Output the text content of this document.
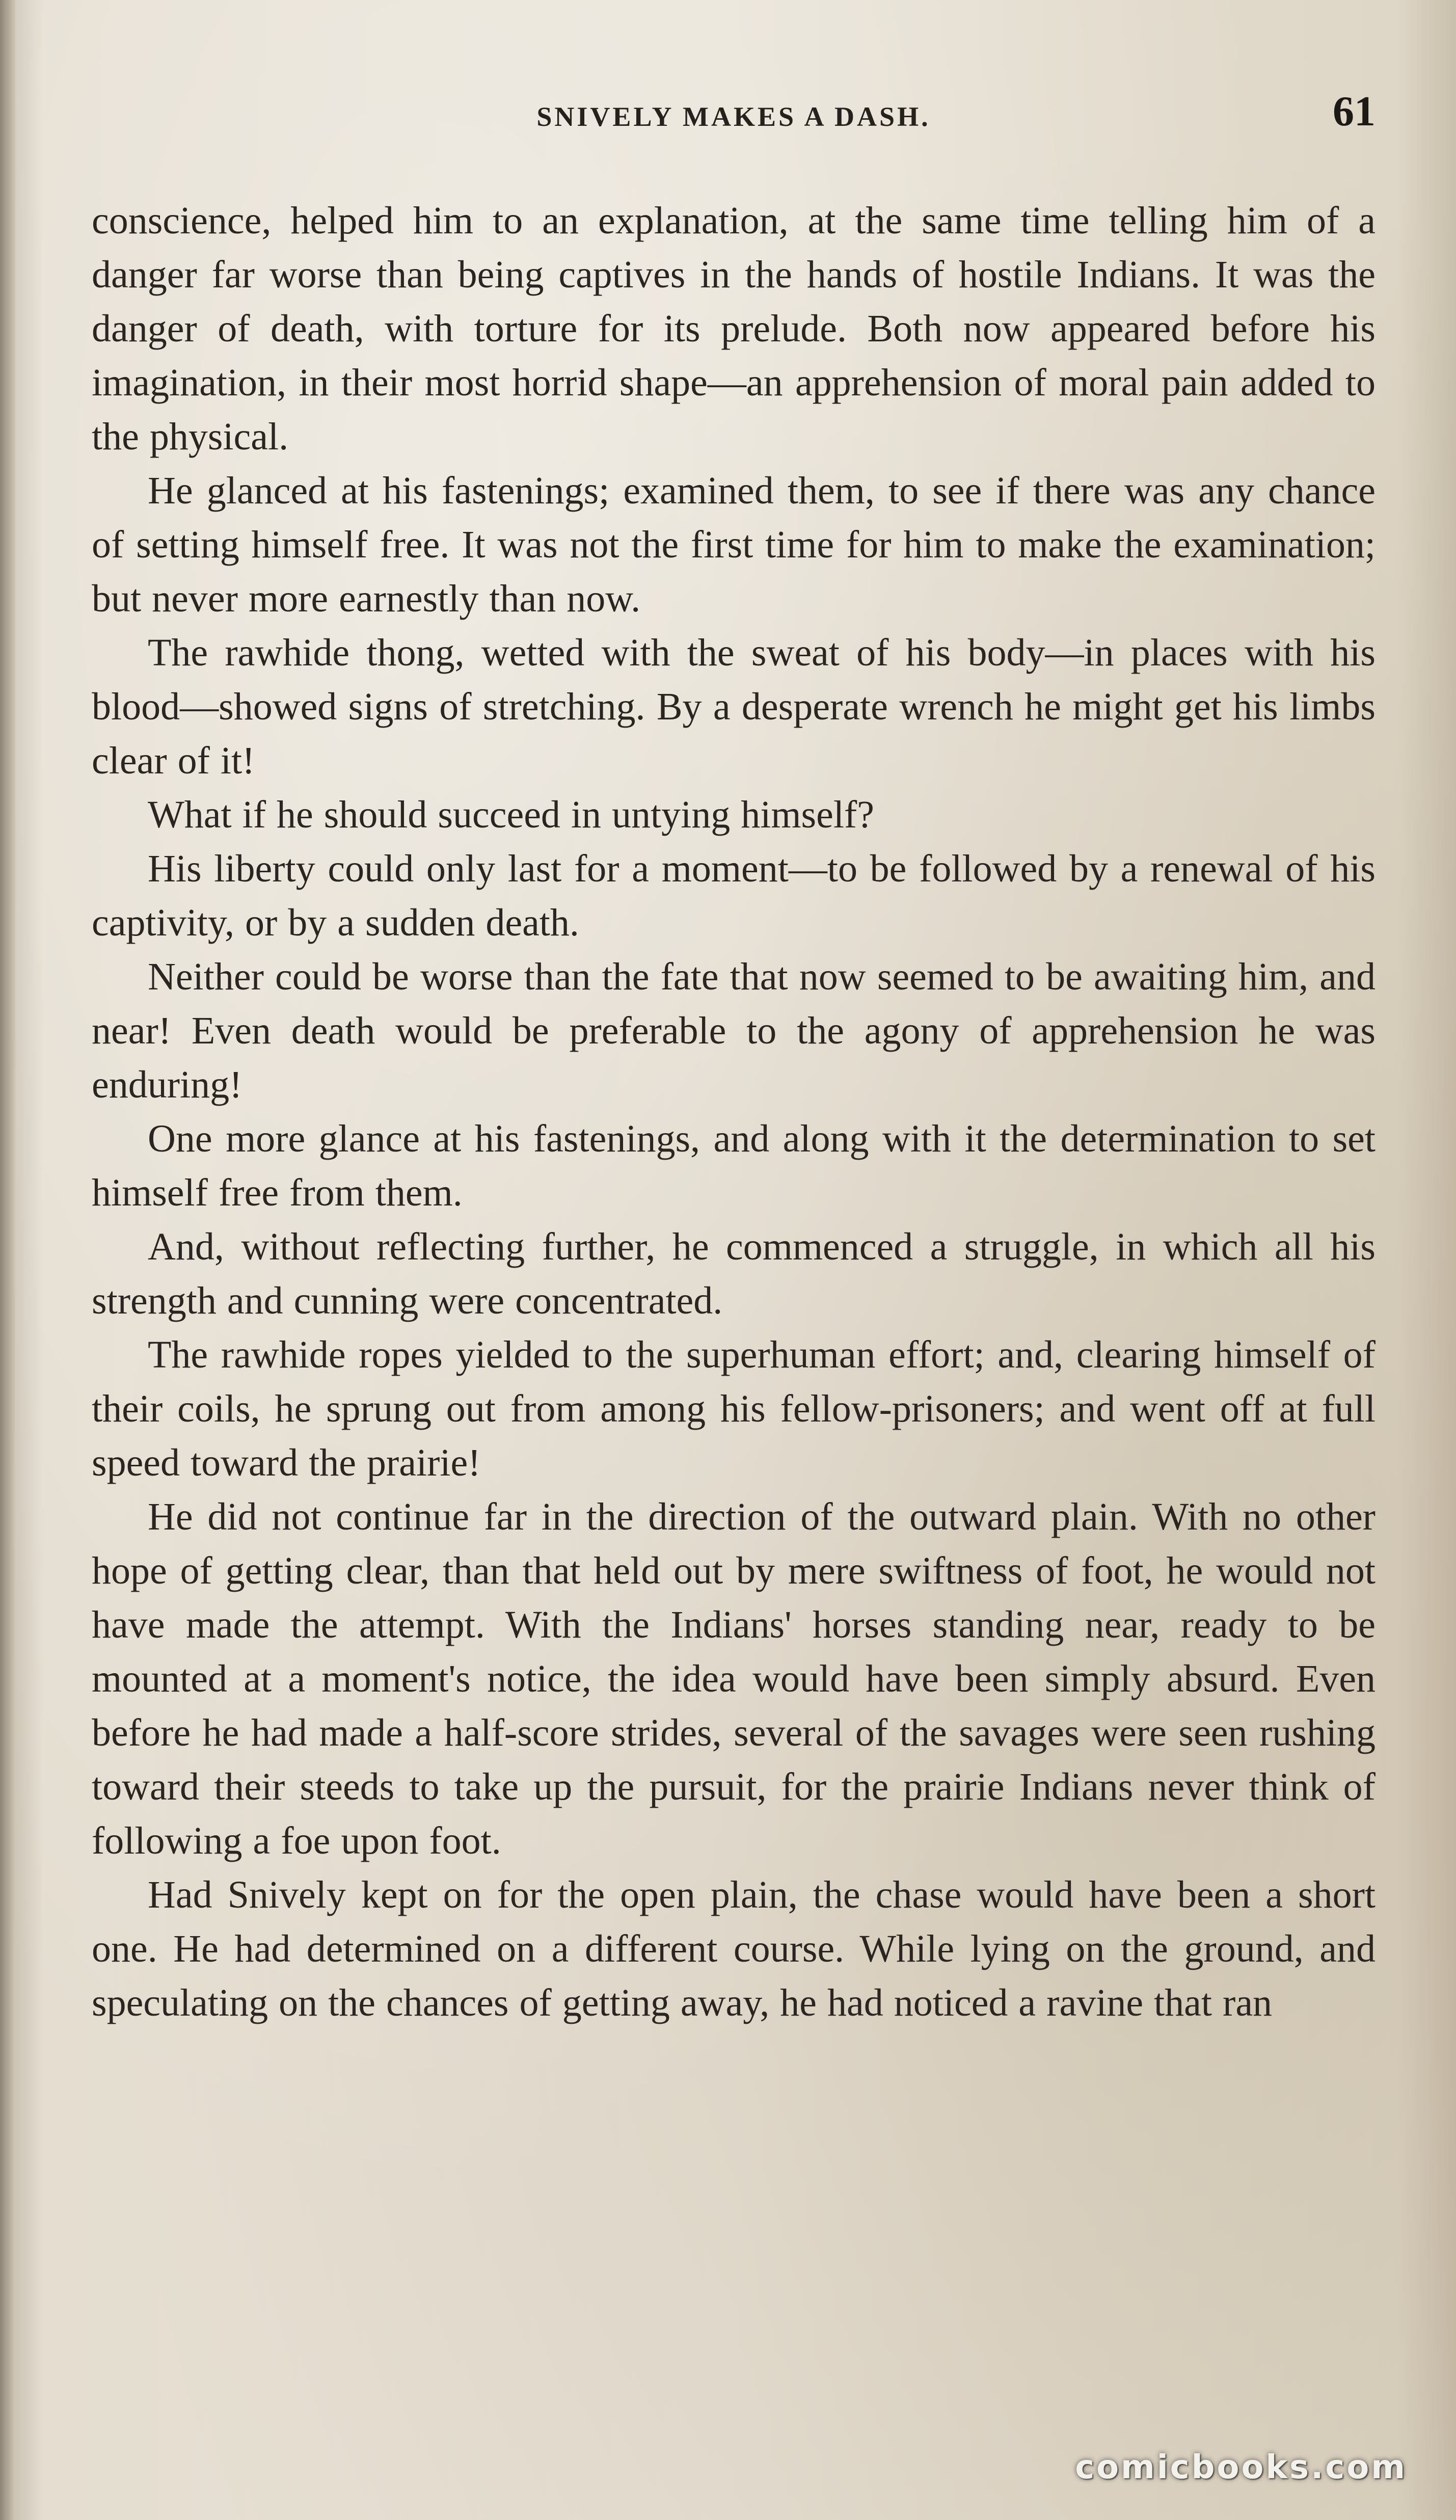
SNIVELY MAKES A DASH.	61

conscience, helped him to an explanation, at the same time telling him of a danger far worse than being captives in the hands of hostile Indians. It was the danger of death, with torture for its prelude. Both now appeared before his imagination, in their most horrid shape—an apprehension of moral pain added to the physical.

He glanced at his fastenings; examined them, to see if there was any chance of setting himself free. It was not the first time for him to make the examination; but never more earnestly than now.

The rawhide thong, wetted with the sweat of his body—in places with his blood—showed signs of stretching. By a desperate wrench he might get his limbs clear of it!

What if he should succeed in untying himself?

His liberty could only last for a moment—to be followed by a renewal of his captivity, or by a sudden death.

Neither could be worse than the fate that now seemed to be awaiting him, and near! Even death would be preferable to the agony of apprehension he was enduring!

One more glance at his fastenings, and along with it the determination to set himself free from them.

And, without reflecting further, he commenced a struggle, in which all his strength and cunning were concentrated.

The rawhide ropes yielded to the superhuman effort; and, clearing himself of their coils, he sprung out from among his fellow-prisoners; and went off at full speed toward the prairie!

He did not continue far in the direction of the outward plain. With no other hope of getting clear, than that held out by mere swiftness of foot, he would not have made the attempt. With the Indians' horses standing near, ready to be mounted at a moment's notice, the idea would have been simply absurd. Even before he had made a half-score strides, several of the savages were seen rushing toward their steeds to take up the pursuit, for the prairie Indians never think of following a foe upon foot.

Had Snively kept on for the open plain, the chase would have been a short one. He had determined on a different course. While lying on the ground, and speculating on the chances of getting away, he had noticed a ravine that ran

comicbooks.com
